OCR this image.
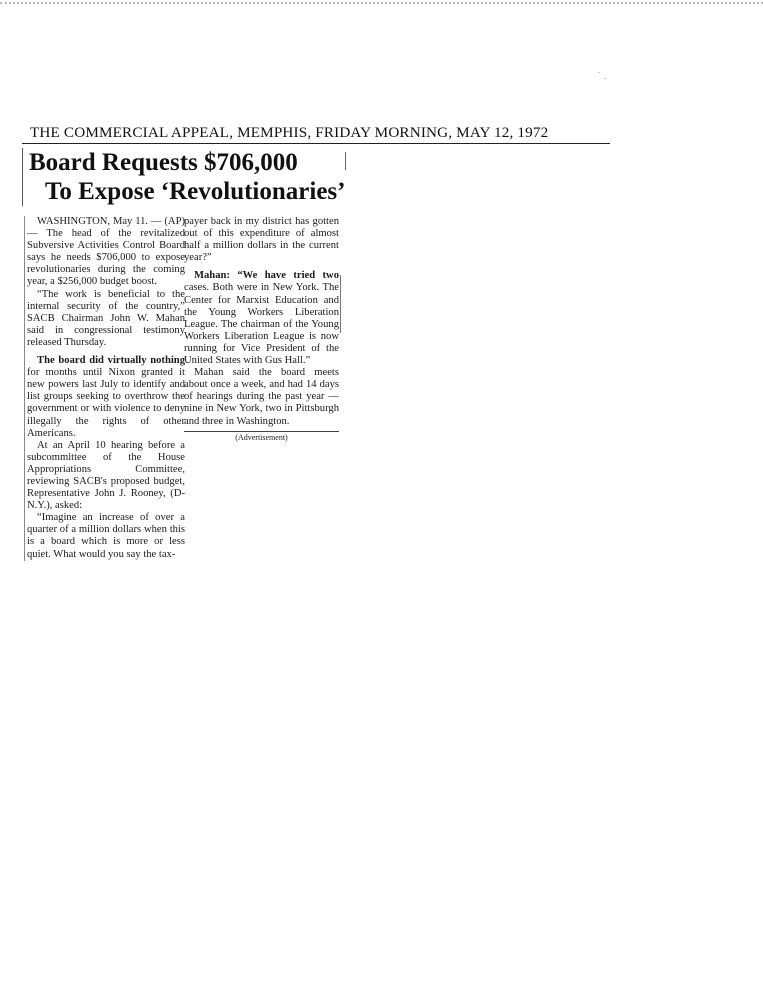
THE COMMERCIAL APPEAL, MEMPHIS, FRIDAY MORNING, MAY 12, 1972
Board Requests $706,000
To Expose ‘Revolutionaries’

WASHINGTON, May 11. — (AP) — The head of the revitalized Subversive Activities Control Board says he needs $706,000 to expose revolutionaries during the coming year, a $256,000 budget boost.

“The work is beneficial to the internal security of the country,” SACB Chairman John W. Mahan said in congressional testimony released Thursday.

The board did virtually nothing for months until Nixon granted it new powers last July to identify and list groups seeking to overthrow the government or with violence to deny illegally the rights of other Americans.

At an April 10 hearing before a subcommittee of the House Appropriations Committee, reviewing SACB's proposed budget, Representative John J. Rooney, (D-N.Y.), asked:

“Imagine an increase of over a quarter of a million dollars when this is a board which is more or less quiet. What would you say the tax-

payer back in my district has gotten out of this expenditure of almost half a million dollars in the current year?”

Mahan: “We have tried two cases. Both were in New York. The Center for Marxist Education and the Young Workers Liberation League. The chairman of the Young Workers Liberation League is now running for Vice President of the United States with Gus Hall.”

Mahan said the board meets about once a week, and had 14 days of hearings during the past year — nine in New York, two in Pittsburgh and three in Washington.

(Advertisement)
